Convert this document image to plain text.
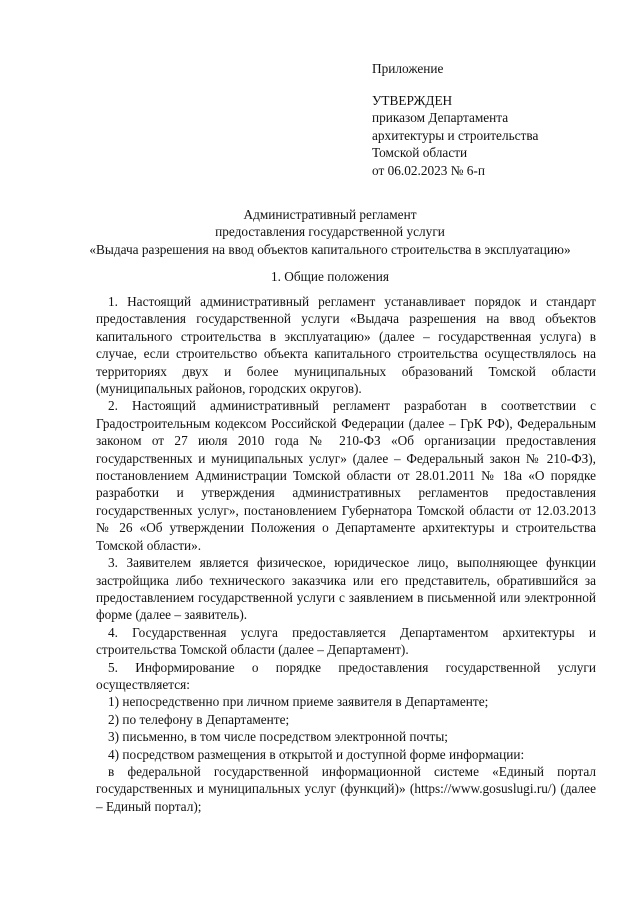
Приложение
УТВЕРЖДЕН
приказом Департамента
архитектуры и строительства
Томской области
от 06.02.2023 № 6-п
Административный регламент
предоставления государственной услуги
«Выдача разрешения на ввод объектов капитального строительства в эксплуатацию»
1. Общие положения

1. Настоящий административный регламент устанавливает порядок и стандарт предоставления государственной услуги «Выдача разрешения на ввод объектов капитального строительства в эксплуатацию» (далее – государственная услуга) в случае, если строительство объекта капитального строительства осуществлялось на территориях двух и более муниципальных образований Томской области (муниципальных районов, городских округов).

2. Настоящий административный регламент разработан в соответствии с Градостроительным кодексом Российской Федерации (далее – ГрК РФ), Федеральным законом от 27 июля 2010 года № 210-ФЗ «Об организации предоставления государственных и муниципальных услуг» (далее – Федеральный закон № 210-ФЗ), постановлением Администрации Томской области от 28.01.2011 № 18а «О порядке разработки и утверждения административных регламентов предоставления государственных услуг», постановлением Губернатора Томской области от 12.03.2013 № 26 «Об утверждении Положения о Департаменте архитектуры и строительства Томской области».

3. Заявителем является физическое, юридическое лицо, выполняющее функции застройщика либо технического заказчика или его представитель, обратившийся за предоставлением государственной услуги с заявлением в письменной или электронной форме (далее – заявитель).

4. Государственная услуга предоставляется Департаментом архитектуры и строительства Томской области (далее – Департамент).

5. Информирование о порядке предоставления государственной услуги осуществляется:

1) непосредственно при личном приеме заявителя в Департаменте;

2) по телефону в Департаменте;

3) письменно, в том числе посредством электронной почты;

4) посредством размещения в открытой и доступной форме информации:

в федеральной государственной информационной системе «Единый портал государственных и муниципальных услуг (функций)» (https://www.gosuslugi.ru/) (далее – Единый портал);
